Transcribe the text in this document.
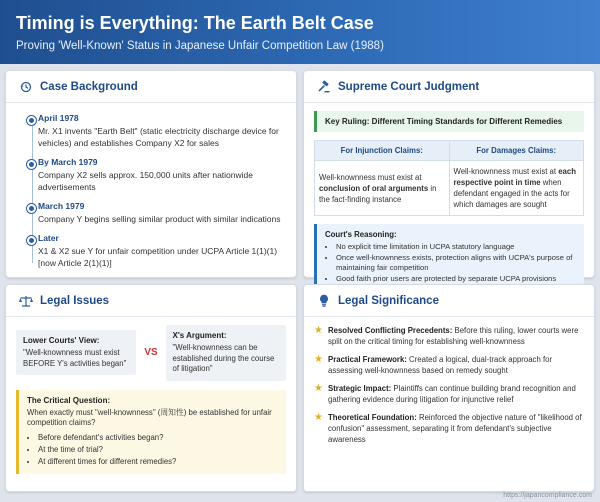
Timing is Everything: The Earth Belt Case
Proving 'Well-Known' Status in Japanese Unfair Competition Law (1988)
Case Background
April 1978
Mr. X1 invents "Earth Belt" (static electricity discharge device for vehicles) and establishes Company X2 for sales
By March 1979
Company X2 sells approx. 150,000 units after nationwide advertisements
March 1979
Company Y begins selling similar product with similar indications
Later
X1 & X2 sue Y for unfair competition under UCPA Article 1(1)(1) [now Article 2(1)(1)]
Supreme Court Judgment
Key Ruling: Different Timing Standards for Different Remedies
For Injunction Claims:	For Damages Claims:
Well-knownness must exist at conclusion of oral arguments in the fact-finding instance	Well-knownness must exist at each respective point in time when defendant engaged in the acts for which damages are sought
Court's Reasoning:
• No explicit time limitation in UCPA statutory language
• Once well-knownness exists, protection aligns with UCPA's purpose of maintaining fair competition
• Good faith prior users are protected by separate UCPA provisions
•
Legal Issues
Lower Courts' View:
"Well-knownness must exist BEFORE Y's activities began"
VS
X's Argument:
"Well-knownness can be established during the course of litigation"
The Critical Question:
When exactly must "well-knownness" (周知性) be established for unfair competition claims?
• Before defendant's activities began?
• At the time of trial?
• At different times for different remedies?
Legal Significance
★ Resolved Conflicting Precedents: Before this ruling, lower courts were split on the critical timing for establishing well-knownness
★ Practical Framework: Created a logical, dual-track approach for assessing well-knownness based on remedy sought
★ Strategic Impact: Plaintiffs can continue building brand recognition and gathering evidence during litigation for injunctive relief
★ Theoretical Foundation: Reinforced the objective nature of "likelihood of confusion" assessment, separating it from defendant's subjective awareness
https://japancompliance.com
